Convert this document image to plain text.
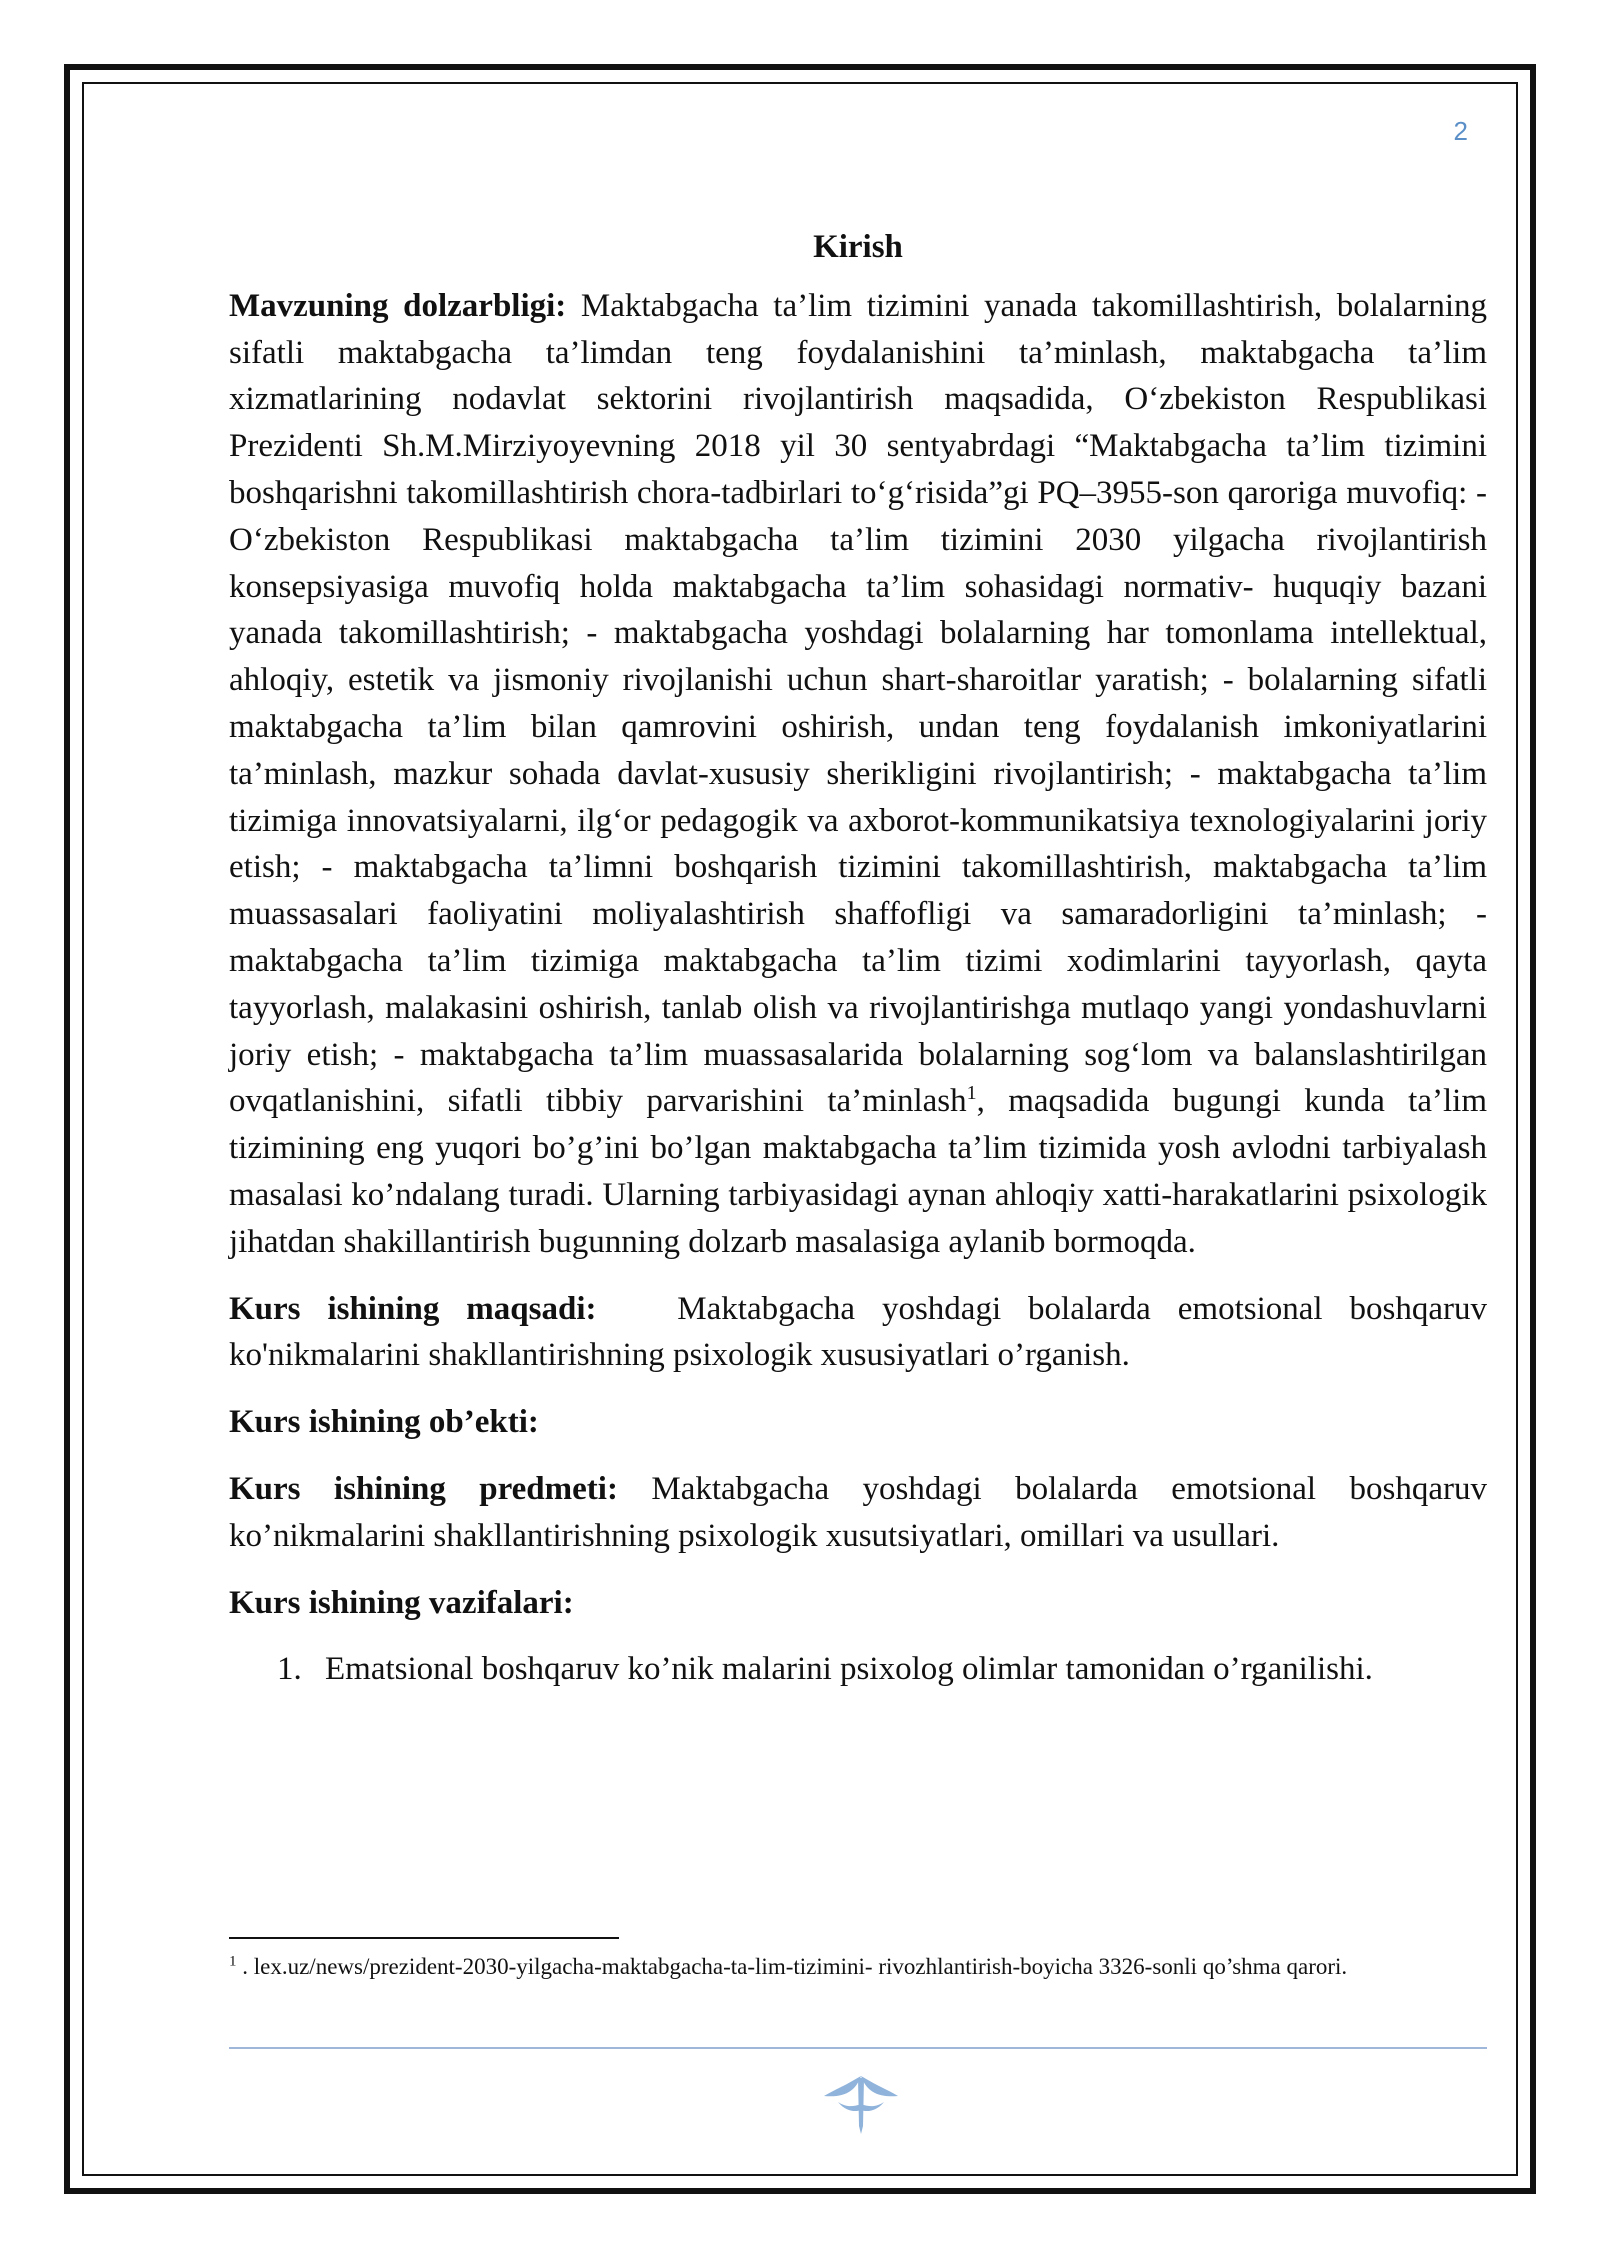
2

Kirish

Mavzuning dolzarbligi: Maktabgacha ta’lim tizimini yanada takomillashtirish, bolalarning sifatli maktabgacha ta’limdan teng foydalanishini ta’minlash, maktabgacha ta’lim xizmatlarining nodavlat sektorini rivojlantirish maqsadida, O‘zbekiston Respublikasi Prezidenti Sh.M.Mirziyoyevning 2018 yil 30 sentyabrdagi “Maktabgacha ta’lim tizimini boshqarishni takomillashtirish chora-tadbirlari to‘g‘risida”gi PQ–3955-son qaroriga muvofiq: - O‘zbekiston Respublikasi maktabgacha ta’lim tizimini 2030 yilgacha rivojlantirish konsepsiyasiga muvofiq holda maktabgacha ta’lim sohasidagi normativ- huquqiy bazani yanada takomillashtirish; - maktabgacha yoshdagi bolalarning har tomonlama intellektual, ahloqiy, estetik va jismoniy rivojlanishi uchun shart-sharoitlar yaratish; - bolalarning sifatli maktabgacha ta’lim bilan qamrovini oshirish, undan teng foydalanish imkoniyatlarini ta’minlash, mazkur sohada davlat-xususiy sherikligini rivojlantirish; - maktabgacha ta’lim tizimiga innovatsiyalarni, ilg‘or pedagogik va axborot-kommunikatsiya texnologiyalarini joriy etish; - maktabgacha ta’limni boshqarish tizimini takomillashtirish, maktabgacha ta’lim muassasalari faoliyatini moliyalashtirish shaffofligi va samaradorligini ta’minlash; - maktabgacha ta’lim tizimiga maktabgacha ta’lim tizimi xodimlarini tayyorlash, qayta tayyorlash, malakasini oshirish, tanlab olish va rivojlantirishga mutlaqo yangi yondashuvlarni joriy etish; - maktabgacha ta’lim muassasalarida bolalarning sog‘lom va balanslashtirilgan ovqatlanishini, sifatli tibbiy parvarishini ta’minlash$^1$, maqsadida bugungi kunda ta’lim tizimining eng yuqori bo’g’ini bo’lgan maktabgacha ta’lim tizimida yosh avlodni tarbiyalash masalasi ko’ndalang turadi. Ularning tarbiyasidagi aynan ahloqiy xatti-harakatlarini psixologik jihatdan shakillantirish bugunning dolzarb masalasiga aylanib bormoqda.

Kurs ishining maqsadi:   Maktabgacha yoshdagi bolalarda emotsional boshqaruv ko'nikmalarini shakllantirishning psixologik xususiyatlari o’rganish.

Kurs ishining ob’ekti:

Kurs ishining predmeti: Maktabgacha yoshdagi bolalarda emotsional boshqaruv ko’nikmalarini shakllantirishning psixologik xusutsiyatlari, omillari va usullari.

Kurs ishining vazifalari:

1. Ematsional boshqaruv ko’nik malarini psixolog olimlar tamonidan o’rganilishi.
$^1$ . lex.uz/news/prezident-2030-yilgacha-maktabgacha-ta-lim-tizimini- rivozhlantirish-boyicha 3326-sonli qo’shma qarori.
